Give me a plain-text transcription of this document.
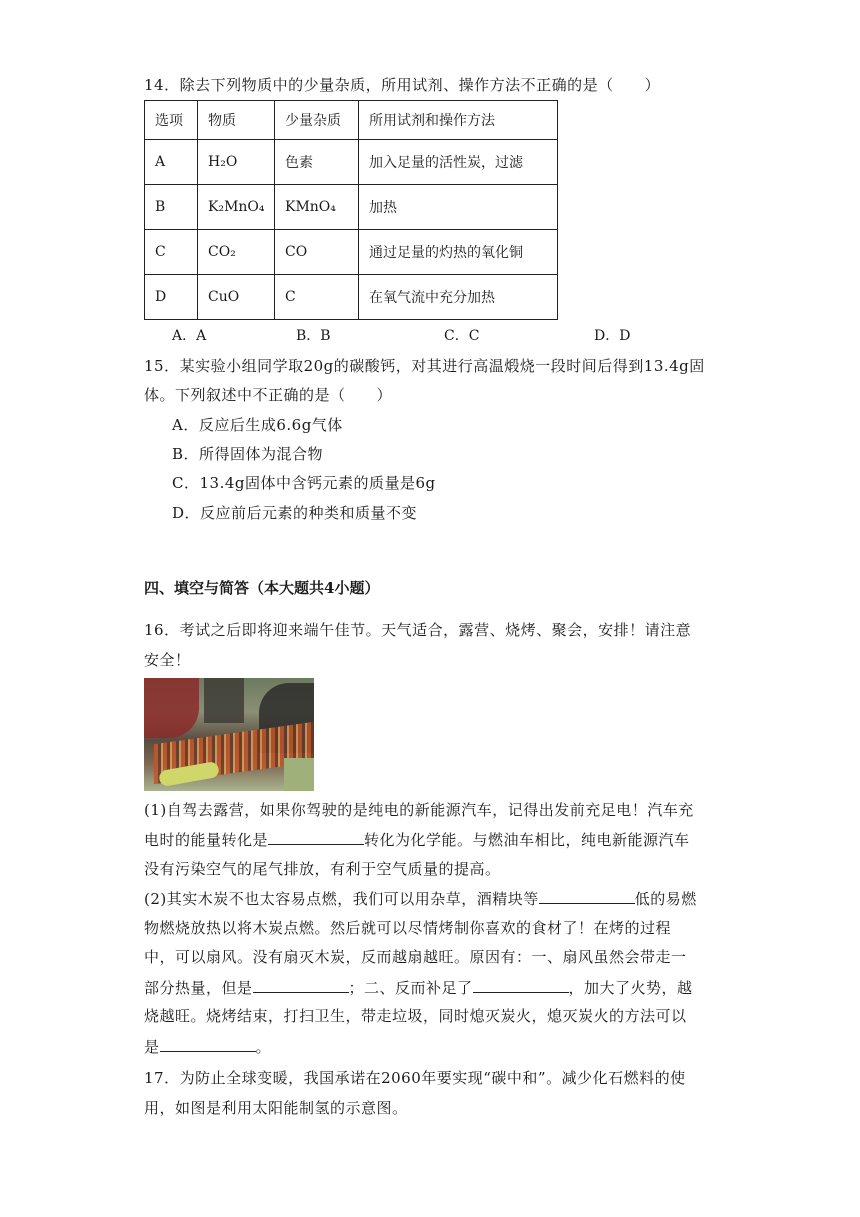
14．除去下列物质中的少量杂质，所用试剂、操作方法不正确的是（　　）
选项	物质	少量杂质	所用试剂和操作方法
A	H₂O	色素	加入足量的活性炭，过滤
B	K₂MnO₄	KMnO₄	加热
C	CO₂	CO	通过足量的灼热的氧化铜
D	CuO	C	在氧气流中充分加热
A．A	B．B	C．C	D．D
15．某实验小组同学取20g的碳酸钙，对其进行高温煅烧一段时间后得到13.4g固
体。下列叙述中不正确的是（　　）
A．反应后生成6.6g气体
B．所得固体为混合物
C．13.4g固体中含钙元素的质量是6g
D．反应前后元素的种类和质量不变
四、填空与简答（本大题共4小题）
16．考试之后即将迎来端午佳节。天气适合，露营、烧烤、聚会，安排！请注意
安全！
(1)自驾去露营，如果你驾驶的是纯电的新能源汽车，记得出发前充足电！汽车充
电时的能量转化是	转化为化学能。与燃油车相比，纯电新能源汽车
没有污染空气的尾气排放，有利于空气质量的提高。
(2)其实木炭不也太容易点燃，我们可以用杂草，酒精块等	低的易燃
物燃烧放热以将木炭点燃。然后就可以尽情烤制你喜欢的食材了！在烤的过程
中，可以扇风。没有扇灭木炭，反而越扇越旺。原因有：一、扇风虽然会带走一
部分热量，但是	；二、反而补足了	，加大了火势，越
烧越旺。烧烤结束，打扫卫生，带走垃圾，同时熄灭炭火，熄灭炭火的方法可以
是	。
17．为防止全球变暖，我国承诺在2060年要实现“碳中和”。减少化石燃料的使
用，如图是利用太阳能制氢的示意图。
